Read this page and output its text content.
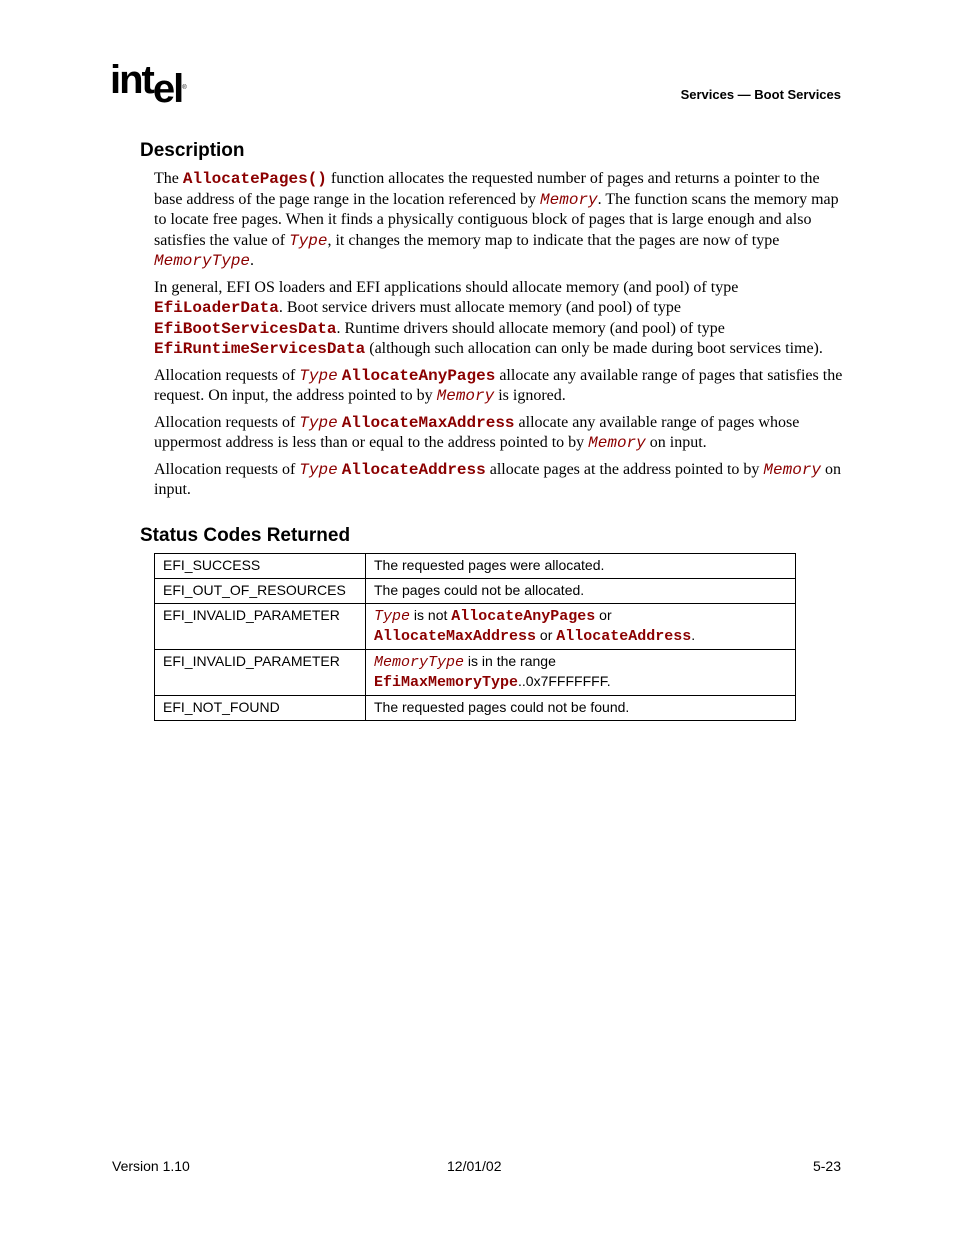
intel®	Services — Boot Services
Description

The AllocatePages() function allocates the requested number of pages and returns a pointer to the base address of the page range in the location referenced by Memory. The function scans the memory map to locate free pages. When it finds a physically contiguous block of pages that is large enough and also satisfies the value of Type, it changes the memory map to indicate that the pages are now of type MemoryType.

In general, EFI OS loaders and EFI applications should allocate memory (and pool) of type EfiLoaderData. Boot service drivers must allocate memory (and pool) of type EfiBootServicesData. Runtime drivers should allocate memory (and pool) of type EfiRuntimeServicesData (although such allocation can only be made during boot services time).

Allocation requests of Type AllocateAnyPages allocate any available range of pages that satisfies the request. On input, the address pointed to by Memory is ignored.

Allocation requests of Type AllocateMaxAddress allocate any available range of pages whose uppermost address is less than or equal to the address pointed to by Memory on input.

Allocation requests of Type AllocateAddress allocate pages at the address pointed to by Memory on input.

Status Codes Returned
EFI_SUCCESS	The requested pages were allocated.
EFI_OUT_OF_RESOURCES	The pages could not be allocated.
EFI_INVALID_PARAMETER	Type is not AllocateAnyPages or
AllocateMaxAddress or AllocateAddress.
EFI_INVALID_PARAMETER	MemoryType is in the range
EfiMaxMemoryType..0x7FFFFFFF.
EFI_NOT_FOUND	The requested pages could not be found.
Version 1.10	12/01/02	5-23
